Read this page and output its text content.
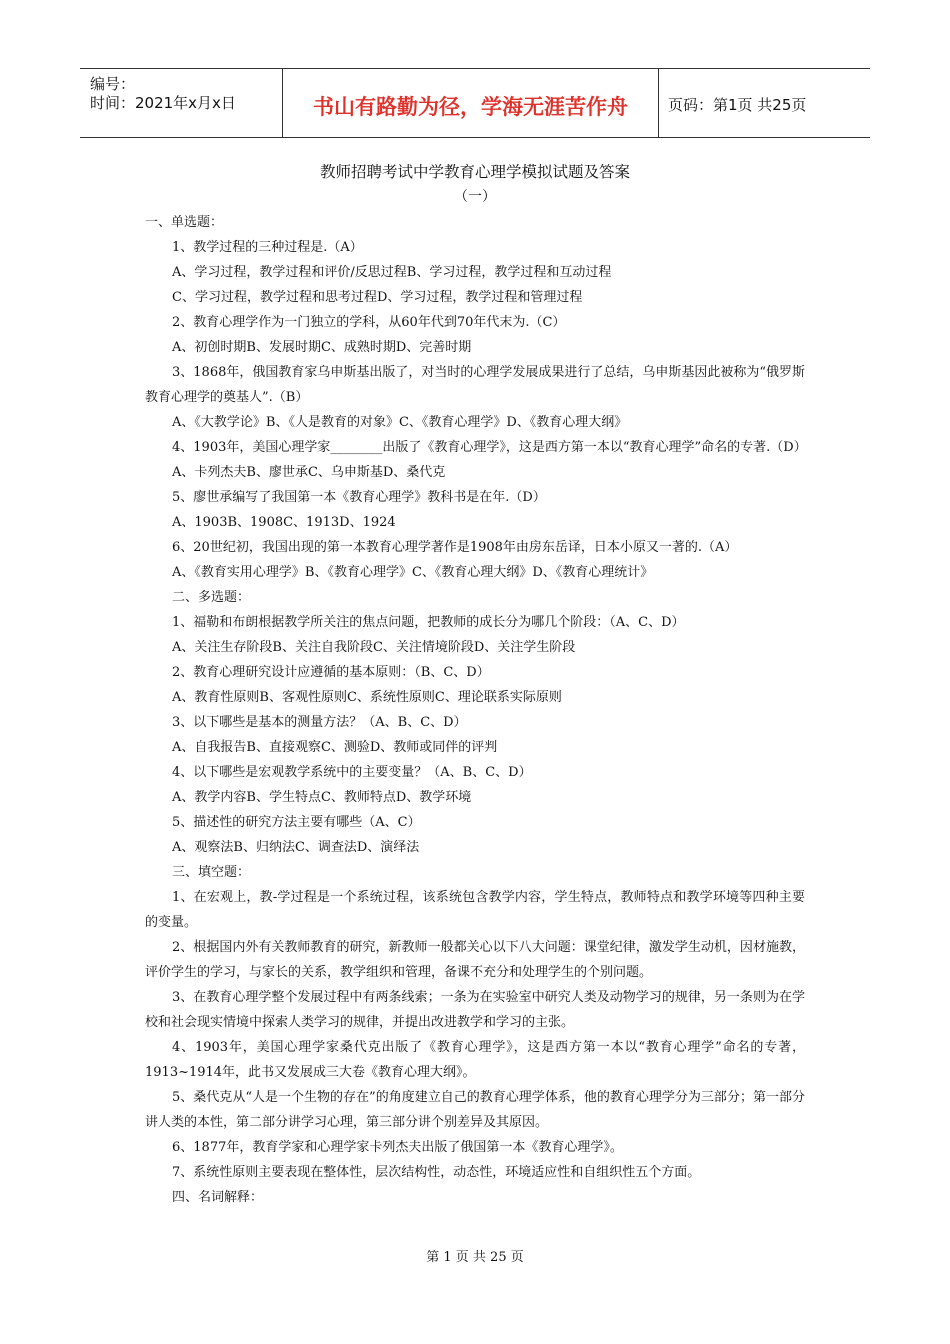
编号：
时间：2021年x月x日	书山有路勤为径，学海无涯苦作舟	页码：第1页 共25页

教师招聘考试中学教育心理学模拟试题及答案

（一）

一、单选题：

1、教学过程的三种过程是.（A）

A、学习过程，教学过程和评价/反思过程B、学习过程，教学过程和互动过程

C、学习过程，教学过程和思考过程D、学习过程，教学过程和管理过程

2、教育心理学作为一门独立的学科，从60年代到70年代末为.（C）

A、初创时期B、发展时期C、成熟时期D、完善时期

3、1868年，俄国教育家乌申斯基出版了，对当时的心理学发展成果进行了总结，乌申斯基因此被称为“俄罗斯教育心理学的奠基人”.（B）

A、《大教学论》B、《人是教育的对象》C、《教育心理学》D、《教育心理大纲》

4、1903年，美国心理学家________出版了《教育心理学》，这是西方第一本以“教育心理学”命名的专著.（D）

A、卡列杰夫B、廖世承C、乌申斯基D、桑代克

5、廖世承编写了我国第一本《教育心理学》教科书是在年.（D）

A、1903B、1908C、1913D、1924

6、20世纪初，我国出现的第一本教育心理学著作是1908年由房东岳译，日本小原又一著的.（A）

A、《教育实用心理学》B、《教育心理学》C、《教育心理大纲》D、《教育心理统计》

二、多选题：

1、福勒和布朗根据教学所关注的焦点问题，把教师的成长分为哪几个阶段：（A、C、D）

A、关注生存阶段B、关注自我阶段C、关注情境阶段D、关注学生阶段

2、教育心理研究设计应遵循的基本原则：（B、C、D）

A、教育性原则B、客观性原则C、系统性原则C、理论联系实际原则

3、以下哪些是基本的测量方法？（A、B、C、D）

A、自我报告B、直接观察C、测验D、教师或同伴的评判

4、以下哪些是宏观教学系统中的主要变量？（A、B、C、D）

A、教学内容B、学生特点C、教师特点D、教学环境

5、描述性的研究方法主要有哪些（A、C）

A、观察法B、归纳法C、调查法D、演绎法

三、填空题：

1、在宏观上，教-学过程是一个系统过程，该系统包含教学内容，学生特点，教师特点和教学环境等四种主要的变量。

2、根据国内外有关教师教育的研究，新教师一般都关心以下八大问题：课堂纪律，激发学生动机，因材施教，评价学生的学习，与家长的关系，教学组织和管理，备课不充分和处理学生的个别问题。

3、在教育心理学整个发展过程中有两条线索；一条为在实验室中研究人类及动物学习的规律，另一条则为在学校和社会现实情境中探索人类学习的规律，并提出改进教学和学习的主张。

4、1903年，美国心理学家桑代克出版了《教育心理学》，这是西方第一本以“教育心理学”命名的专著，1913~1914年，此书又发展成三大卷《教育心理大纲》。

5、桑代克从“人是一个生物的存在”的角度建立自己的教育心理学体系，他的教育心理学分为三部分；第一部分讲人类的本性，第二部分讲学习心理，第三部分讲个别差异及其原因。

6、1877年，教育学家和心理学家卡列杰夫出版了俄国第一本《教育心理学》。

7、系统性原则主要表现在整体性，层次结构性，动态性，环境适应性和自组织性五个方面。

四、名词解释：

第 1 页 共 25 页
